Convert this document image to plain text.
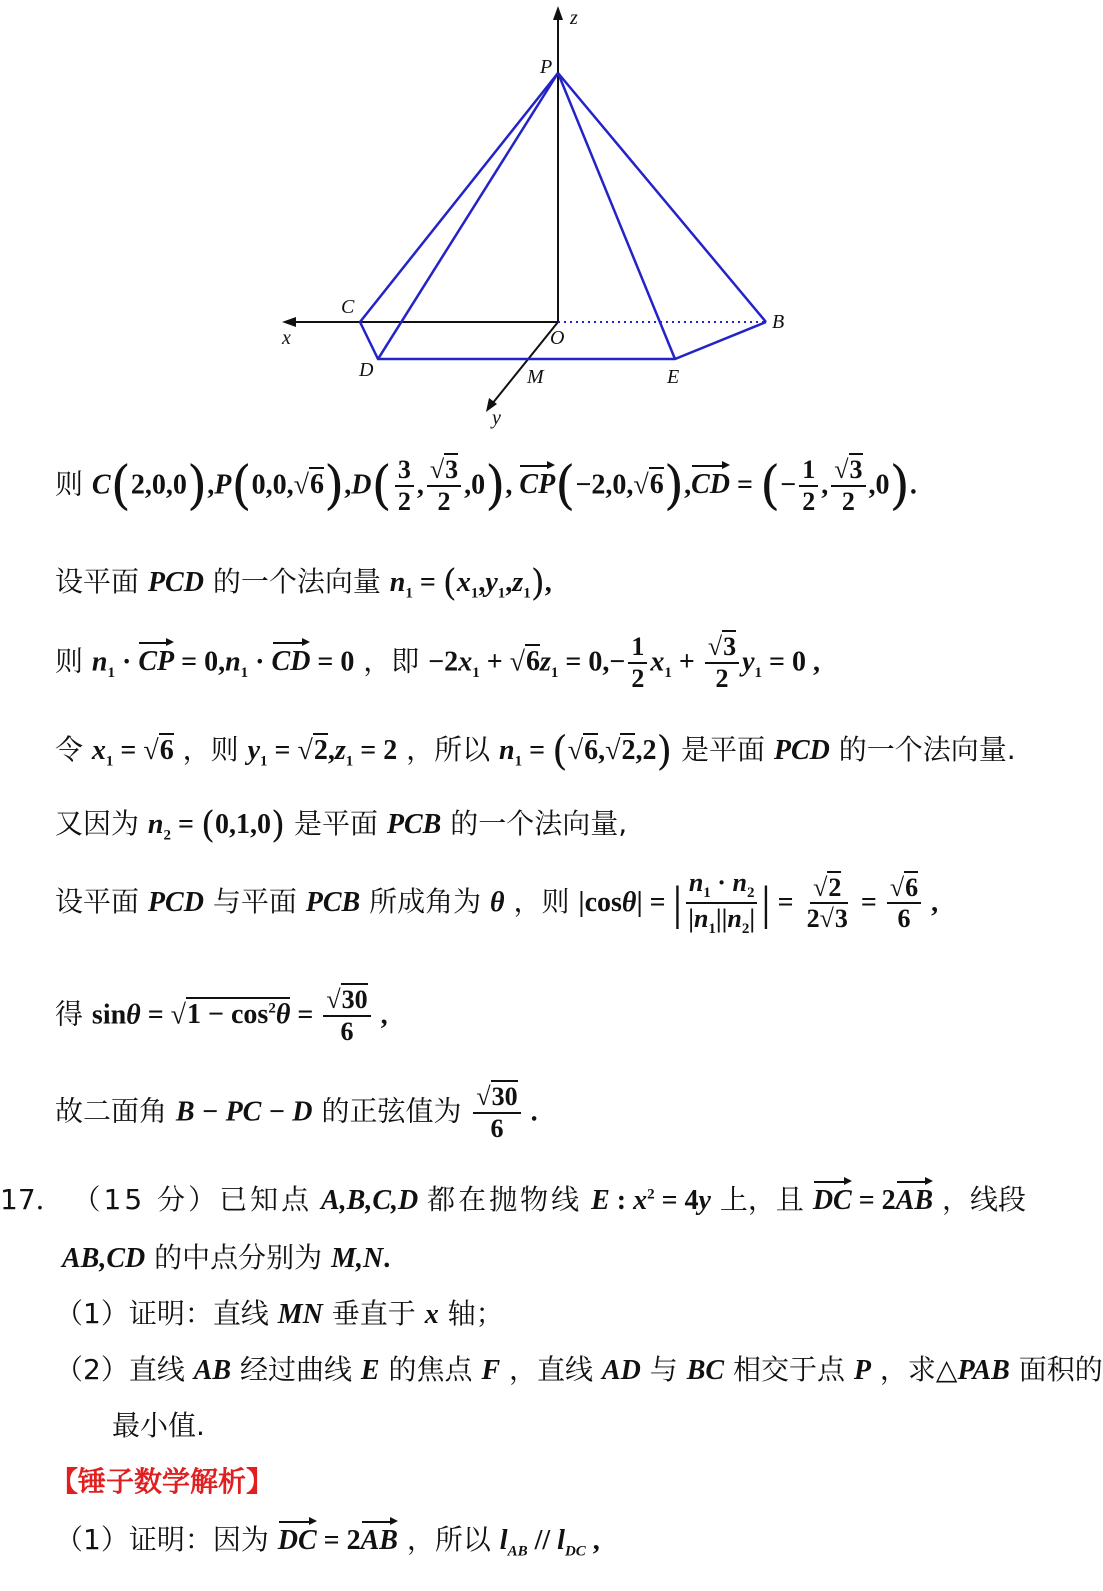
z
P
C
x	O
B
D	M	E
y
则 $C(2,0,0),P(0,0,√6),D( \frac{3}{2}$ , $\frac{√3}{2} ,0$), CP(−2,0,√6),CD = (− $\frac{1}{2}$ , $\frac{√3}{2} ,0$).
设平面 PCD 的一个法向量 $n_1 = (x_1,y_1,z_1)$,
则 $n_1$ · CP = $0,n_1$ · CD = 0 ，即 $-2x_1 + √6z_1 = 0,- \frac{1}{2} x_1 + \frac{√3}{2} y_1 = 0$ ,
令 $x_1 = √6$ ，则 $y_1 = √2,z_1 = 2$ ，所以 $n_1 = (√6,√2,2)$ 是平面 PCD 的一个法向量.
又因为 $n_2 = (0,1,0)$ 是平面 PCB 的一个法向量,
设平面 PCD 与平面 PCB 所成角为 θ ，则 |cosθ| = | $\frac{n_1 \cdot n_2}{|n_1||n_2|}$ | = $\frac{√2}{2√3} = \frac{√6}{6}$ ,
得 $\sin\theta = √1 - \cos^2\theta = \frac{√30}{6}$ ,
故二面角 B − PC − D 的正弦值为 $\frac{√30}{6}$ .
17． （15 分）已知点 A,B,C,D 都在抛物线 E : $x^2 = 4y$ 上，且 DC = 2AB ，线段
AB,CD 的中点分别为 M,N.
（1）证明：直线 MN 垂直于 x 轴；
（2）直线 AB 经过曲线 E 的焦点 F ，直线 AD 与 BC 相交于点 P ，求△PAB 面积的
最小值.
【锤子数学解析】
（1）证明：因为 DC = 2AB ，所以 $l_{AB} // l_{DC}$ ,
